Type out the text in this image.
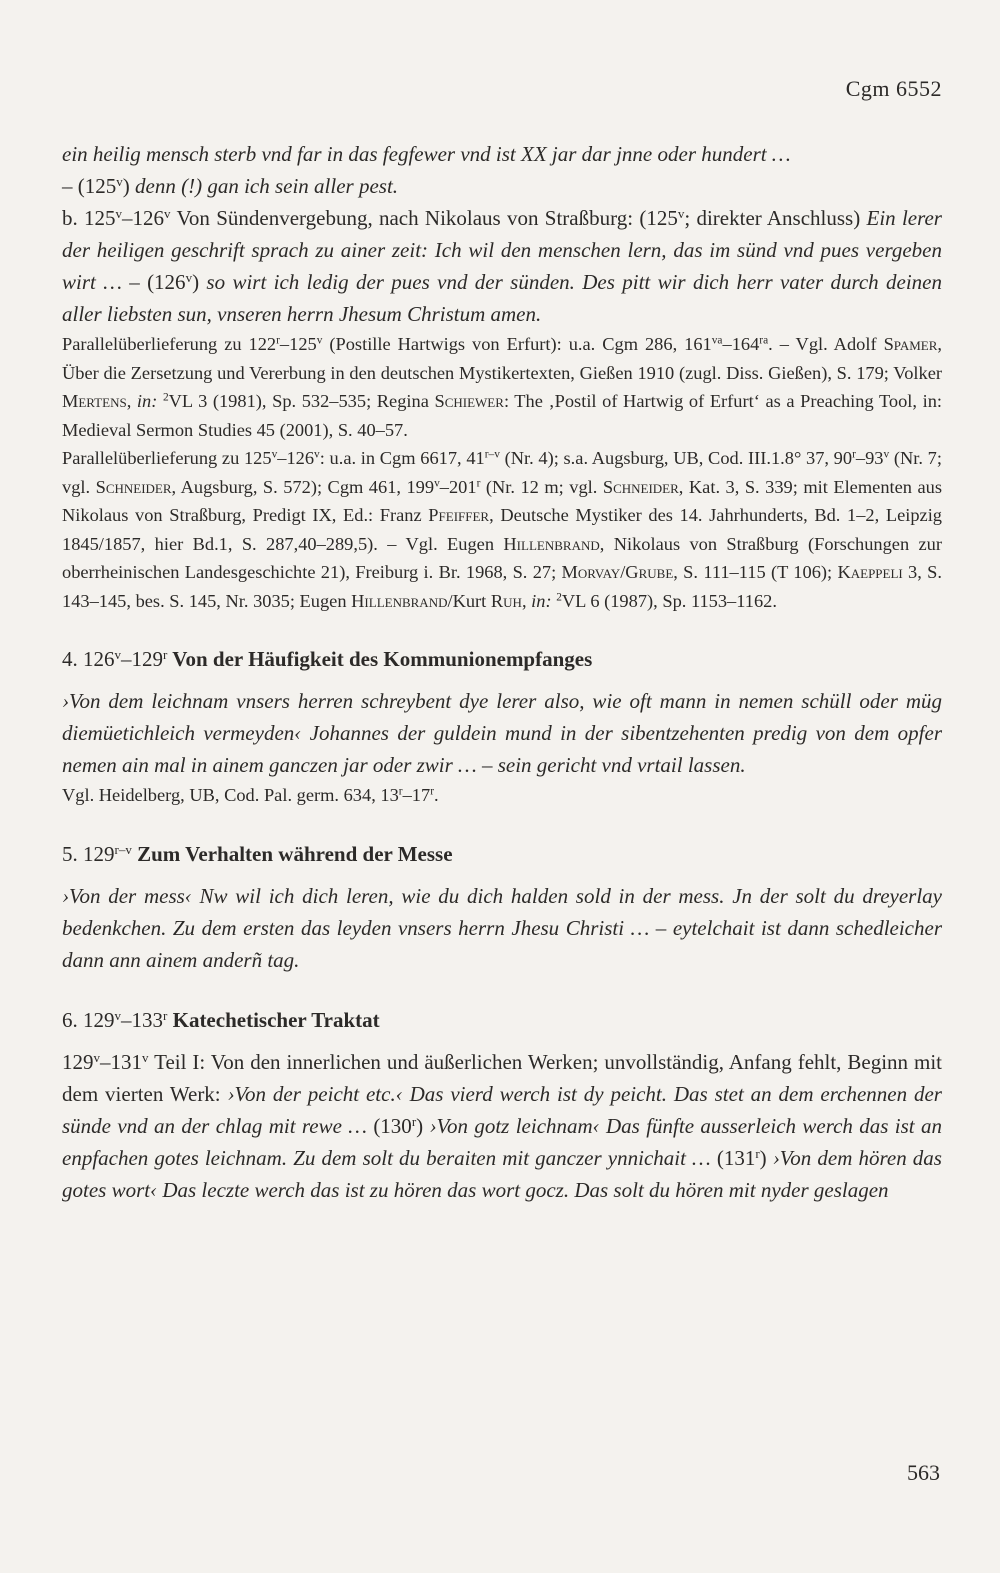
Cgm 6552

ein heilig mensch sterb vnd far in das fegfewer vnd ist XX jar dar jnne oder hundert …
– (125$^v$) denn (!) gan ich sein aller pest.

b. 125$^v$–126$^v$ Von Sündenvergebung, nach Nikolaus von Straßburg: (125$^v$; direkter Anschluss) Ein lerer der heiligen geschrift sprach zu ainer zeit: Ich wil den menschen lern, das im sünd vnd pues vergeben wirt … – (126$^v$) so wirt ich ledig der pues vnd der sünden. Des pitt wir dich herr vater durch deinen aller liebsten sun, vnseren herrn Jhesum Christum amen.

Parallelüberlieferung zu 122$^r$–125$^v$ (Postille Hartwigs von Erfurt): u.a. Cgm 286, $161^{va}-164^{ra}$. – Vgl. Adolf Spamer, Über die Zersetzung und Vererbung in den deutschen Mystikertexten, Gießen 1910 (zugl. Diss. Gießen), S. 179; Volker Mertens, in: $^2$VL 3 (1981), Sp. 532–535; Regina Schiewer: The ‚Postil of Hartwig of Erfurt‘ as a Preaching Tool, in: Medieval Sermon Studies 45 (2001), S. 40–57.

Parallelüberlieferung zu 125$^v$–126$^v$: u.a. in Cgm 6617, 41$^{r-v}$ (Nr. 4); s.a. Augsburg, UB, Cod. III.1.8° 37, 90$^r$–93$^v$ (Nr. 7; vgl. Schneider, Augsburg, S. 572); Cgm 461, 199$^v$–201$^r$ (Nr. 12 m; vgl. Schneider, Kat. 3, S. 339; mit Elementen aus Nikolaus von Straßburg, Predigt IX, Ed.: Franz Pfeiffer, Deutsche Mystiker des 14. Jahrhunderts, Bd. 1–2, Leipzig 1845/1857, hier Bd.1, S. 287,40–289,5). – Vgl. Eugen Hillenbrand, Nikolaus von Straßburg (Forschungen zur oberrheinischen Landesgeschichte 21), Freiburg i. Br. 1968, S. 27; Morvay/Grube, S. 111–115 (T 106); Kaeppeli 3, S. 143–145, bes. S. 145, Nr. 3035; Eugen Hillenbrand/Kurt Ruh, in: $^2$VL 6 (1987), Sp. 1153–1162.

4. 126$^v$–129$^r$ Von der Häufigkeit des Kommunionempfanges

›Von dem leichnam vnsers herren schreybent dye lerer also, wie oft mann in nemen schüll oder müg diemüetichleich vermeyden‹ Johannes der guldein mund in der sibentzehenten predig von dem opfer nemen ain mal in ainem ganczen jar oder zwir … – sein gericht vnd vrtail lassen.

Vgl. Heidelberg, UB, Cod. Pal. germ. 634, 13$^r$–17$^r$.

5. 129$^{r-v}$ Zum Verhalten während der Messe

›Von der mess‹ Nw wil ich dich leren, wie du dich halden sold in der mess. Jn der solt du dreyerlay bedenkchen. Zu dem ersten das leyden vnsers herrn Jhesu Christi … – eytelchait ist dann schedleicher dann ann ainem anderñ tag.

6. 129$^v$–133$^r$ Katechetischer Traktat

129$^v$–131$^v$ Teil I: Von den innerlichen und äußerlichen Werken; unvollständig, Anfang fehlt, Beginn mit dem vierten Werk: ›Von der peicht etc.‹ Das vierd werch ist dy peicht. Das stet an dem erchennen der sünde vnd an der chlag mit rewe … (130$^r$) ›Von gotz leichnam‹ Das fünfte ausserleich werch das ist an enpfachen gotes leichnam. Zu dem solt du beraiten mit ganczer ynnichait … (131$^r$) ›Von dem hören das gotes wort‹ Das leczte werch das ist zu hören das wort gocz. Das solt du hören mit nyder geslagen

563
